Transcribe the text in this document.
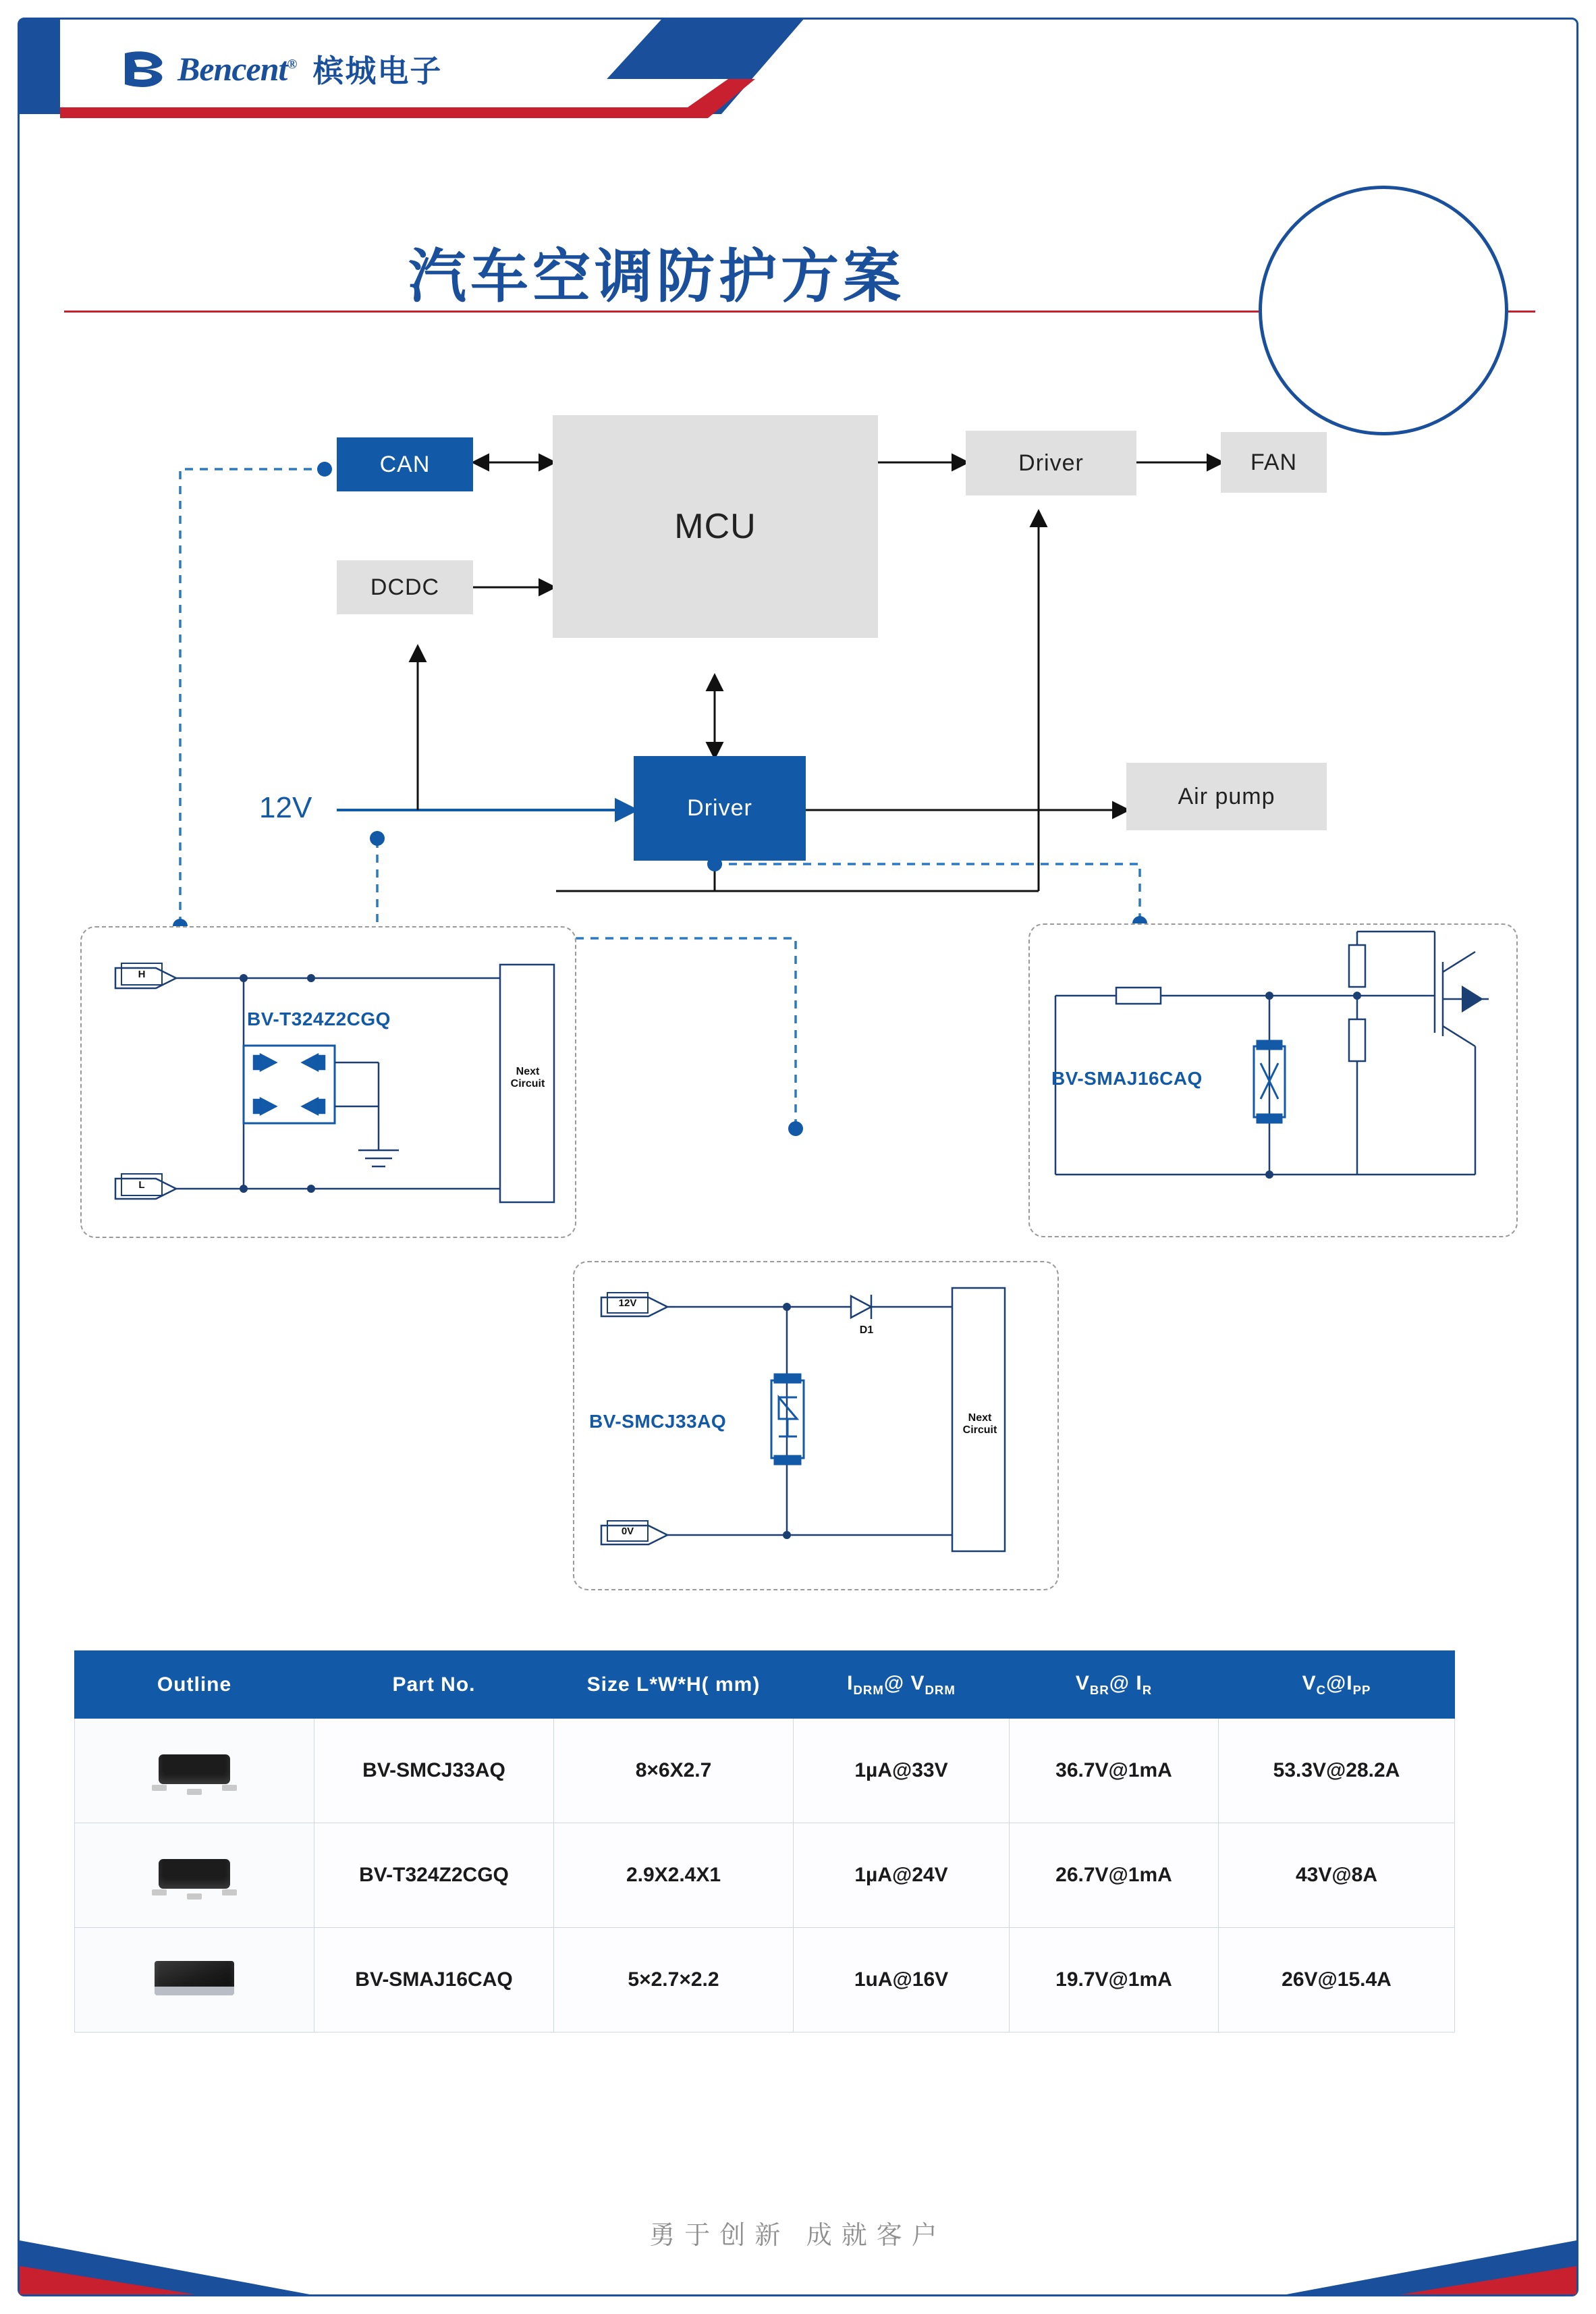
Bencent® 槟城电子
汽车空调防护方案
CAN
DCDC
MCU
Driver	FAN
Driver	Air pump
12V
H
L
BV-T324Z2CGQ
Next
Circuit	BV-SMAJ16CAQ
12V
0V
D1
BV-SMCJ33AQ	Next
Circuit
Outline	Part No.	Size L*W*H( mm)	$I_{DRM}@$ $V_{DRM}$	$V_{BR}@$ $I_R$	$V_C@I_{PP}$

	BV-SMCJ33AQ	8×6X2.7	1µA@33V	36.7V@1mA	53.3V@28.2A

	BV-T324Z2CGQ	2.9X2.4X1	1µA@24V	26.7V@1mA	43V@8A

	BV-SMAJ16CAQ	5×2.7×2.2	1uA@16V	19.7V@1mA	26V@15.4A
勇于创新 成就客户
